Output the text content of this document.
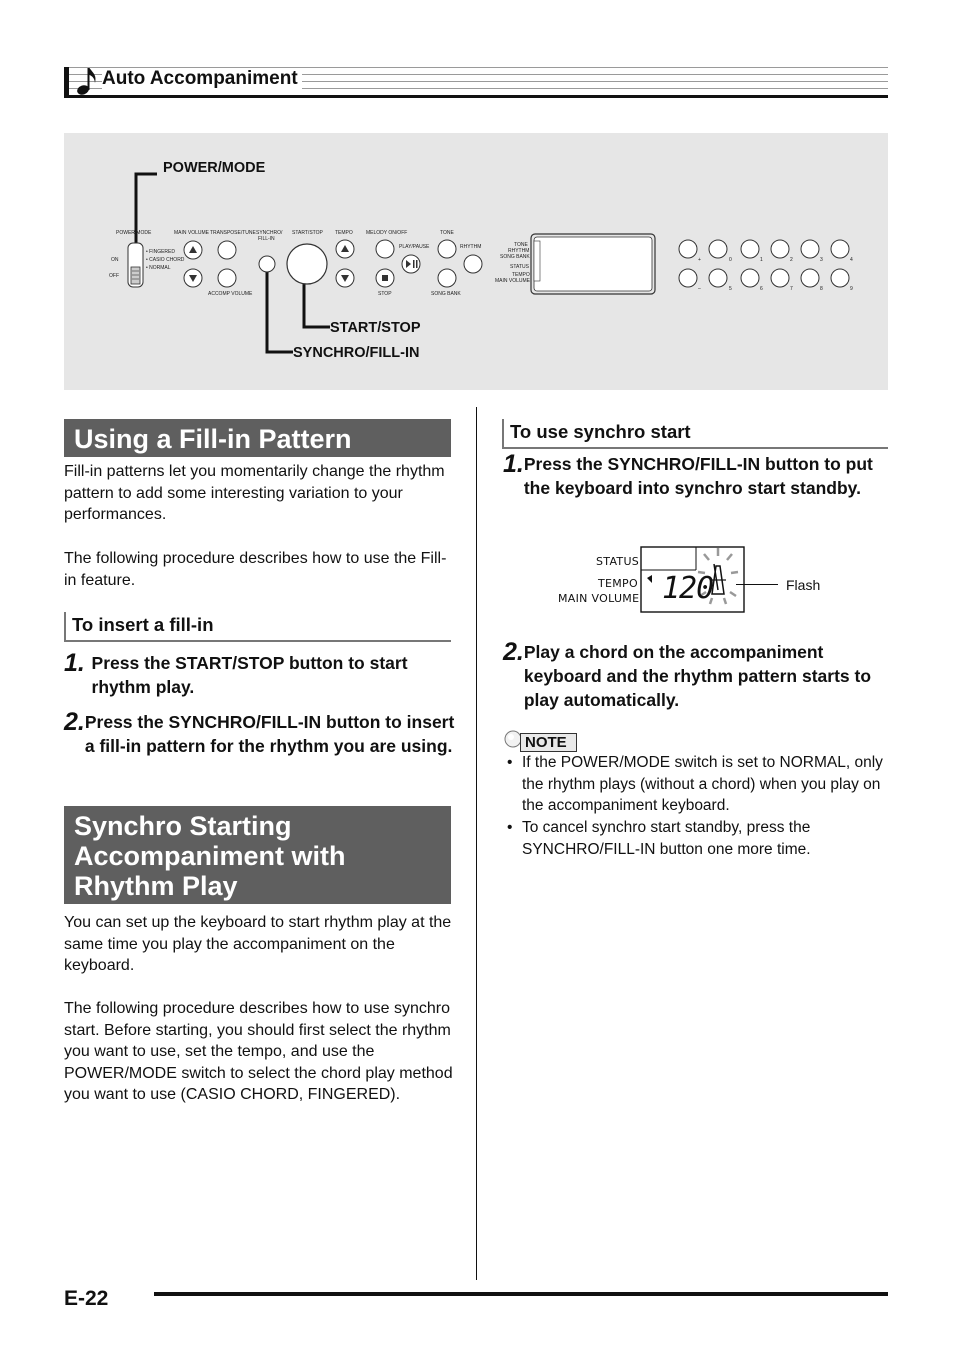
Auto Accompaniment
POWER/MODE
ON
OFF
• FINGERED
• CASIO CHORD
• NORMAL
MAIN VOLUME TRANSPOSE/TUNE
ACCOMP VOLUME
SYNCHRO/
FILL-IN
START/STOP TEMPO	MELODY ON/OFF
PLAY/PAUSE
STOP
TONE
RHYTHM
SONG BANK
TONE
RHYTHM
SONG BANK
STATUS
TEMPO
MAIN VOLUME
+
–
0	1	2	3	4
5	6	7	8	9
POWER/MODE
START/STOP
SYNCHRO/FILL-IN
Using a Fill-in Pattern
Fill-in patterns let you momentarily change the rhythm pattern to add some interesting variation to your performances.
The following procedure describes how to use the Fill-in feature.
To insert a fill-in
1. Press the START/STOP button to start rhythm play.
2. Press the SYNCHRO/FILL-IN button to insert a fill-in pattern for the rhythm you are using.
Synchro Starting Accompaniment with Rhythm Play
You can set up the keyboard to start rhythm play at the same time you play the accompaniment on the keyboard.
The following procedure describes how to use synchro start. Before starting, you should first select the rhythm you want to use, set the tempo, and use the POWER/MODE switch to select the chord play method you want to use (CASIO CHORD, FINGERED).
To use synchro start
1. Press the SYNCHRO/FILL-IN button to put the keyboard into synchro start standby.
STATUS
TEMPO
MAIN VOLUME 120	Flash
2. Play a chord on the accompaniment keyboard and the rhythm pattern starts to play automatically.
NOTE
• If the POWER/MODE switch is set to NORMAL, only the rhythm plays (without a chord) when you play on the accompaniment keyboard.
• To cancel synchro start standby, press the SYNCHRO/FILL-IN button one more time.
E-22
